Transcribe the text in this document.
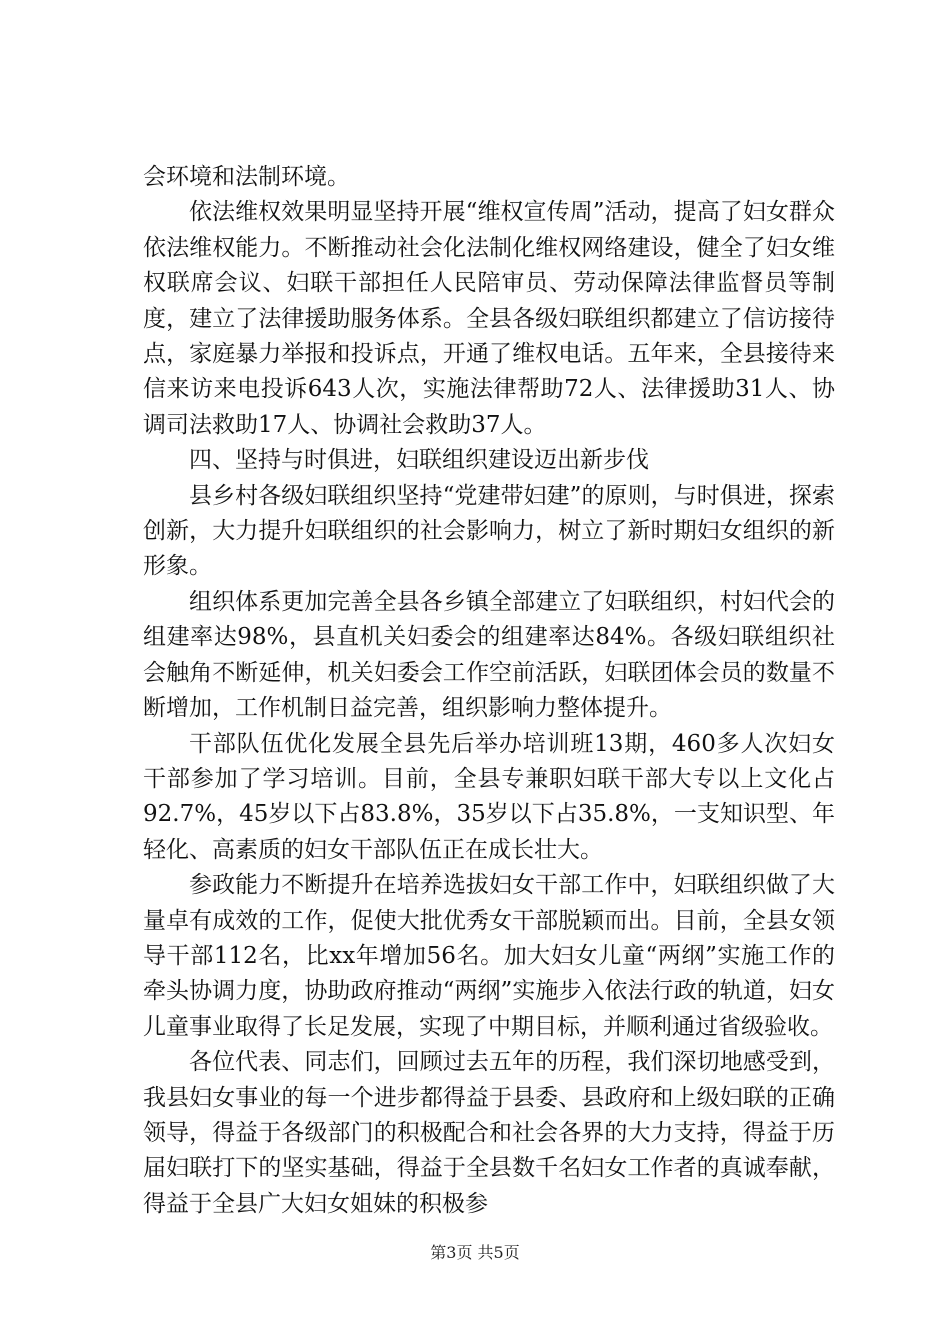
会环境和法制环境。

依法维权效果明显坚持开展“维权宣传周”活动，提高了妇女群众依法维权能力。不断推动社会化法制化维权网络建设，健全了妇女维权联席会议、妇联干部担任人民陪审员、劳动保障法律监督员等制度，建立了法律援助服务体系。全县各级妇联组织都建立了信访接待点，家庭暴力举报和投诉点，开通了维权电话。五年来，全县接待来信来访来电投诉643人次，实施法律帮助72人、法律援助31人、协调司法救助17人、协调社会救助37人。

四、坚持与时俱进，妇联组织建设迈出新步伐

县乡村各级妇联组织坚持“党建带妇建”的原则，与时俱进，探索创新，大力提升妇联组织的社会影响力，树立了新时期妇女组织的新形象。

组织体系更加完善全县各乡镇全部建立了妇联组织，村妇代会的组建率达98%，县直机关妇委会的组建率达84%。各级妇联组织社会触角不断延伸，机关妇委会工作空前活跃，妇联团体会员的数量不断增加，工作机制日益完善，组织影响力整体提升。

干部队伍优化发展全县先后举办培训班13期，460多人次妇女干部参加了学习培训。目前，全县专兼职妇联干部大专以上文化占92.7%，45岁以下占83.8%，35岁以下占35.8%，一支知识型、年轻化、高素质的妇女干部队伍正在成长壮大。

参政能力不断提升在培养选拔妇女干部工作中，妇联组织做了大量卓有成效的工作，促使大批优秀女干部脱颖而出。目前，全县女领导干部112名，比xx年增加56名。加大妇女儿童“两纲”实施工作的牵头协调力度，协助政府推动“两纲”实施步入依法行政的轨道，妇女儿童事业取得了长足发展，实现了中期目标，并顺利通过省级验收。

各位代表、同志们，回顾过去五年的历程，我们深切地感受到，我县妇女事业的每一个进步都得益于县委、县政府和上级妇联的正确领导，得益于各级部门的积极配合和社会各界的大力支持，得益于历届妇联打下的坚实基础，得益于全县数千名妇女工作者的真诚奉献，得益于全县广大妇女姐妹的积极参

第3页 共5页
